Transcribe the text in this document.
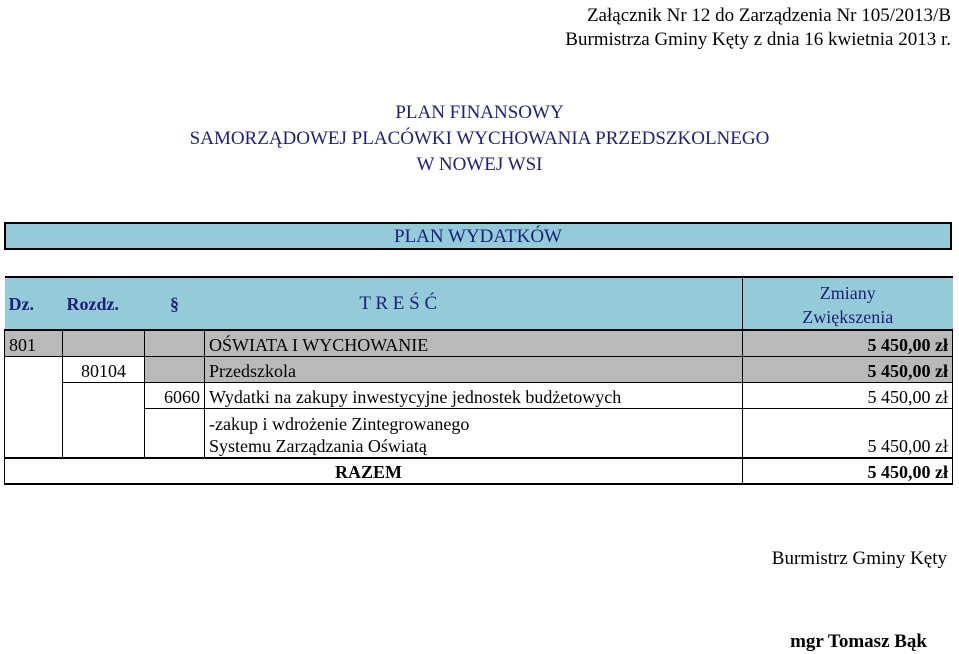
Załącznik Nr 12 do Zarządzenia Nr 105/2013/B
Burmistrza Gminy Kęty z dnia 16 kwietnia 2013 r.
PLAN FINANSOWY
SAMORZĄDOWEJ PLACÓWKI WYCHOWANIA PRZEDSZKOLNEGO
W NOWEJ WSI
PLAN WYDATKÓW
Dz.	Rozdz.	§	T R E Ś Ć	Zmiany
Zwiększenia

801			OŚWIATA I WYCHOWANIE	5 450,00 zł
	80104		Przedszkola	5 450,00 zł
		6060	Wydatki na zakupy inwestycyjne jednostek budżetowych	5 450,00 zł
			-zakup i wdrożenie Zintegrowanego Systemu Zarządzania Oświatą	5 450,00 zł
RAZEM				5 450,00 zł
Burmistrz Gminy Kęty
mgr Tomasz Bąk
